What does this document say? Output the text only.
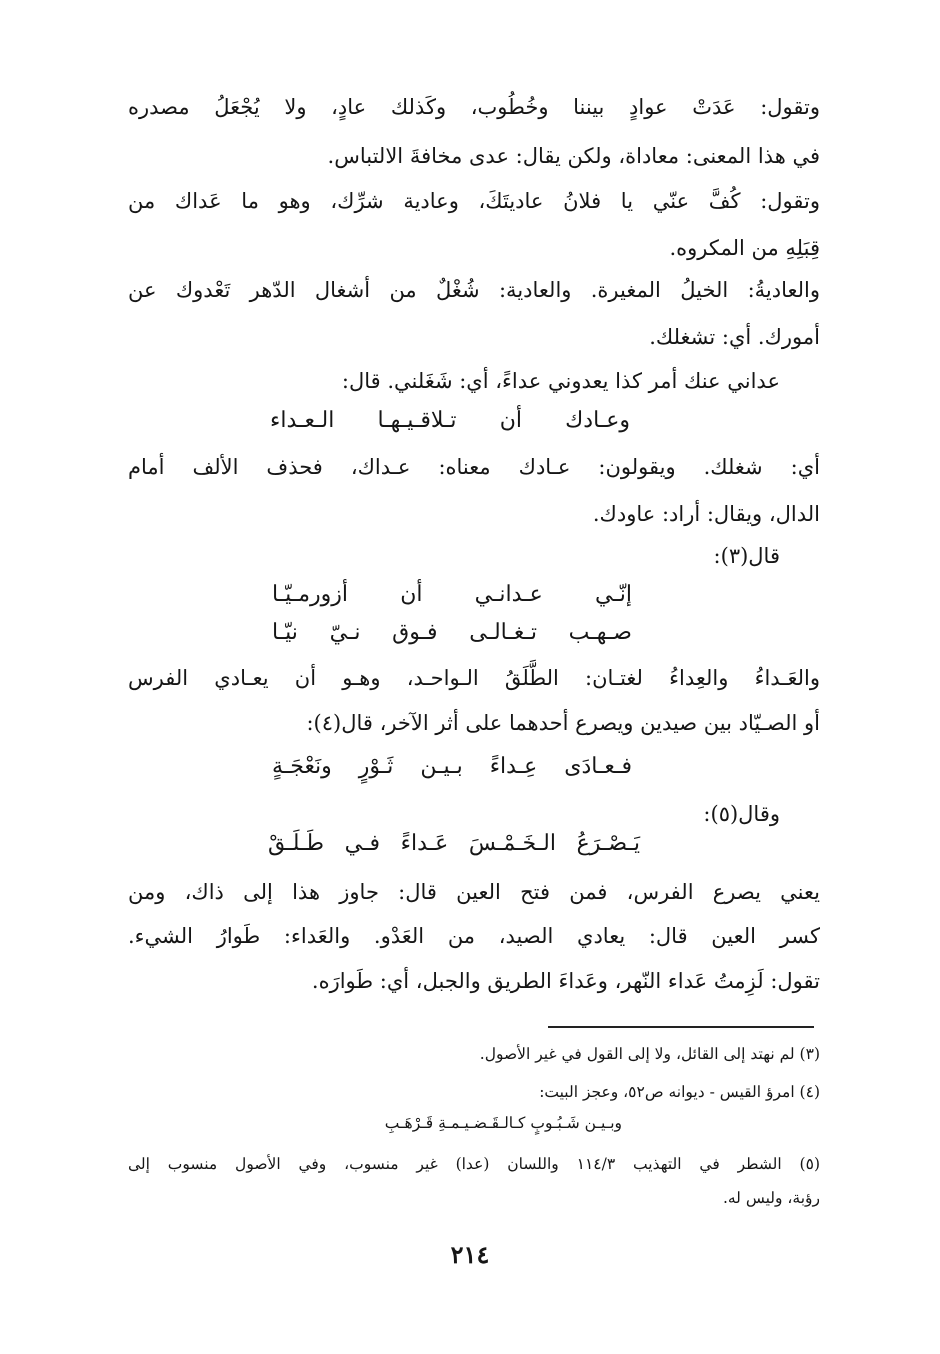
وتقول: عَدَتْ عوادٍ بيننا وخُطُوب، وكَذلك عادٍ، ولا يُجْعَلُ مصدره
في هذا المعنى: معاداة، ولكن يقال: عدى مخافةَ الالتباس.
وتقول: كُفَّ عنّي يا فلانُ عاديتَكَ، وعادية شرِّك، وهو ما عَداك من
قِبَلِهِ من المكروه.
والعاديةُ: الخيلُ المغيرة. والعادية: شُغْلٌ من أشغال الدّهر تَعْدوك عن
أمورك. أي: تشغلك.
عداني عنك أمر كذا يعدوني عداءً، أي: شَغَلني. قال:
وعـادك أن تـلاقـيـهـا الـعـداء
أي: شغلك. ويقولون: عـادك معناه: عـداك، فحذف الألف أمام
الدال، ويقال: أراد: عاودك.
قال(٣):
إنّـي عـدانـي أن أزورمـيّـا
صـهـب تـغـالـى فـوق نـيّ نيّـا
والعَـداءُ والعِداءُ لغتـان: الطَّلَقُ الـواحـد، وهـو أن يعـادي الفرس
أو الصـيّاد بين صيدين ويصرع أحدهما على أثر الآخر، قال(٤):
فـعـادَى عِـداءً بـيـن ثَـوْرٍ ونَعْجَـةٍ
وقال(٥):
يَـصْـرَعُ الـخَـمْـسَ عَـداءً فـي طَـلَـقْ
يعني يصرع الفرس، فمن فتح العين قال: جاوز هذا إلى ذاك، ومن
كسر العين قال: يعادي الصيد، من العَدْو. والعَداء: طَوارُ الشيء.
تقول: لَزِمتُ عَداء النّهر، وعَداءَ الطريق والجبل، أي: طَوارَه.
(٣) لم نهتد إلى القائل، ولا إلى القول في غير الأصول.
(٤) امرؤ القيس - ديوانه ص٥٢، وعجز البيت:
وبـيـن شَـبُـوبٍ كـالـقَـضـيـمـةِ قَـرْهَـبِ
(٥) الشطر في التهذيب ١١٤/٣ واللسان (عدا) غير منسوب، وفي الأصول منسوب إلى
رؤبة، وليس له.
٢١٤
